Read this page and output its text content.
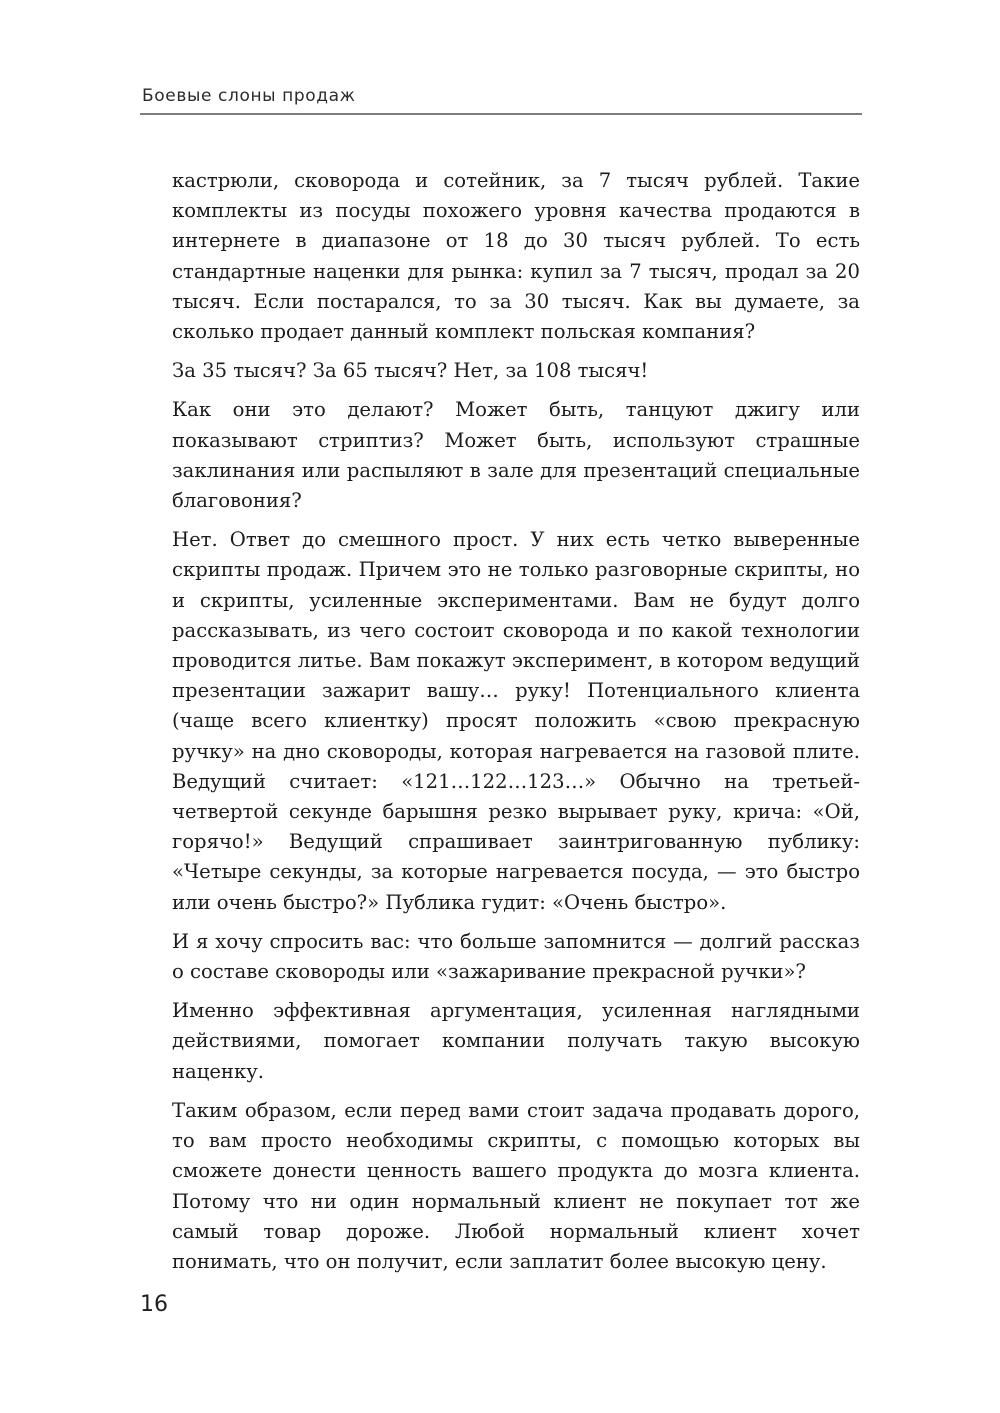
Боевые слоны продаж

кастрюли, сковорода и сотейник, за 7 тысяч рублей. Такие комплекты из посуды похожего уровня качества продаются в интернете в диапазоне от 18 до 30 тысяч рублей. То есть стандартные наценки для рынка: купил за 7 тысяч, продал за 20 тысяч. Если постарался, то за 30 тысяч. Как вы думаете, за сколько продает данный комплект польская компания?

За 35 тысяч? За 65 тысяч? Нет, за 108 тысяч!

Как они это делают? Может быть, танцуют джигу или показывают стриптиз? Может быть, используют страшные заклинания или распыляют в зале для презентаций специальные благовония?

Нет. Ответ до смешного прост. У них есть четко выверенные скрипты продаж. Причем это не только разговорные скрипты, но и скрипты, усиленные экспериментами. Вам не будут долго рассказывать, из чего состоит сковорода и по какой технологии проводится литье. Вам покажут эксперимент, в котором ведущий презентации зажарит вашу… руку! Потенциального клиента (чаще всего клиентку) просят положить «свою прекрасную ручку» на дно сковороды, которая нагревается на газовой плите. Ведущий считает: «121…122…123…» Обычно на третьей-четвертой секунде барышня резко вырывает руку, крича: «Ой, горячо!» Ведущий спрашивает заинтригованную публику: «Четыре секунды, за которые нагревается посуда, — это быстро или очень быстро?» Публика гудит: «Очень быстро».

И я хочу спросить вас: что больше запомнится — долгий рассказ о составе сковороды или «зажаривание прекрасной ручки»?

Именно эффективная аргументация, усиленная наглядными действиями, помогает компании получать такую высокую наценку.

Таким образом, если перед вами стоит задача продавать дорого, то вам просто необходимы скрипты, с помощью которых вы сможете донести ценность вашего продукта до мозга клиента. Потому что ни один нормальный клиент не покупает тот же самый товар дороже. Любой нормальный клиент хочет понимать, что он получит, если заплатит более высокую цену.

16
